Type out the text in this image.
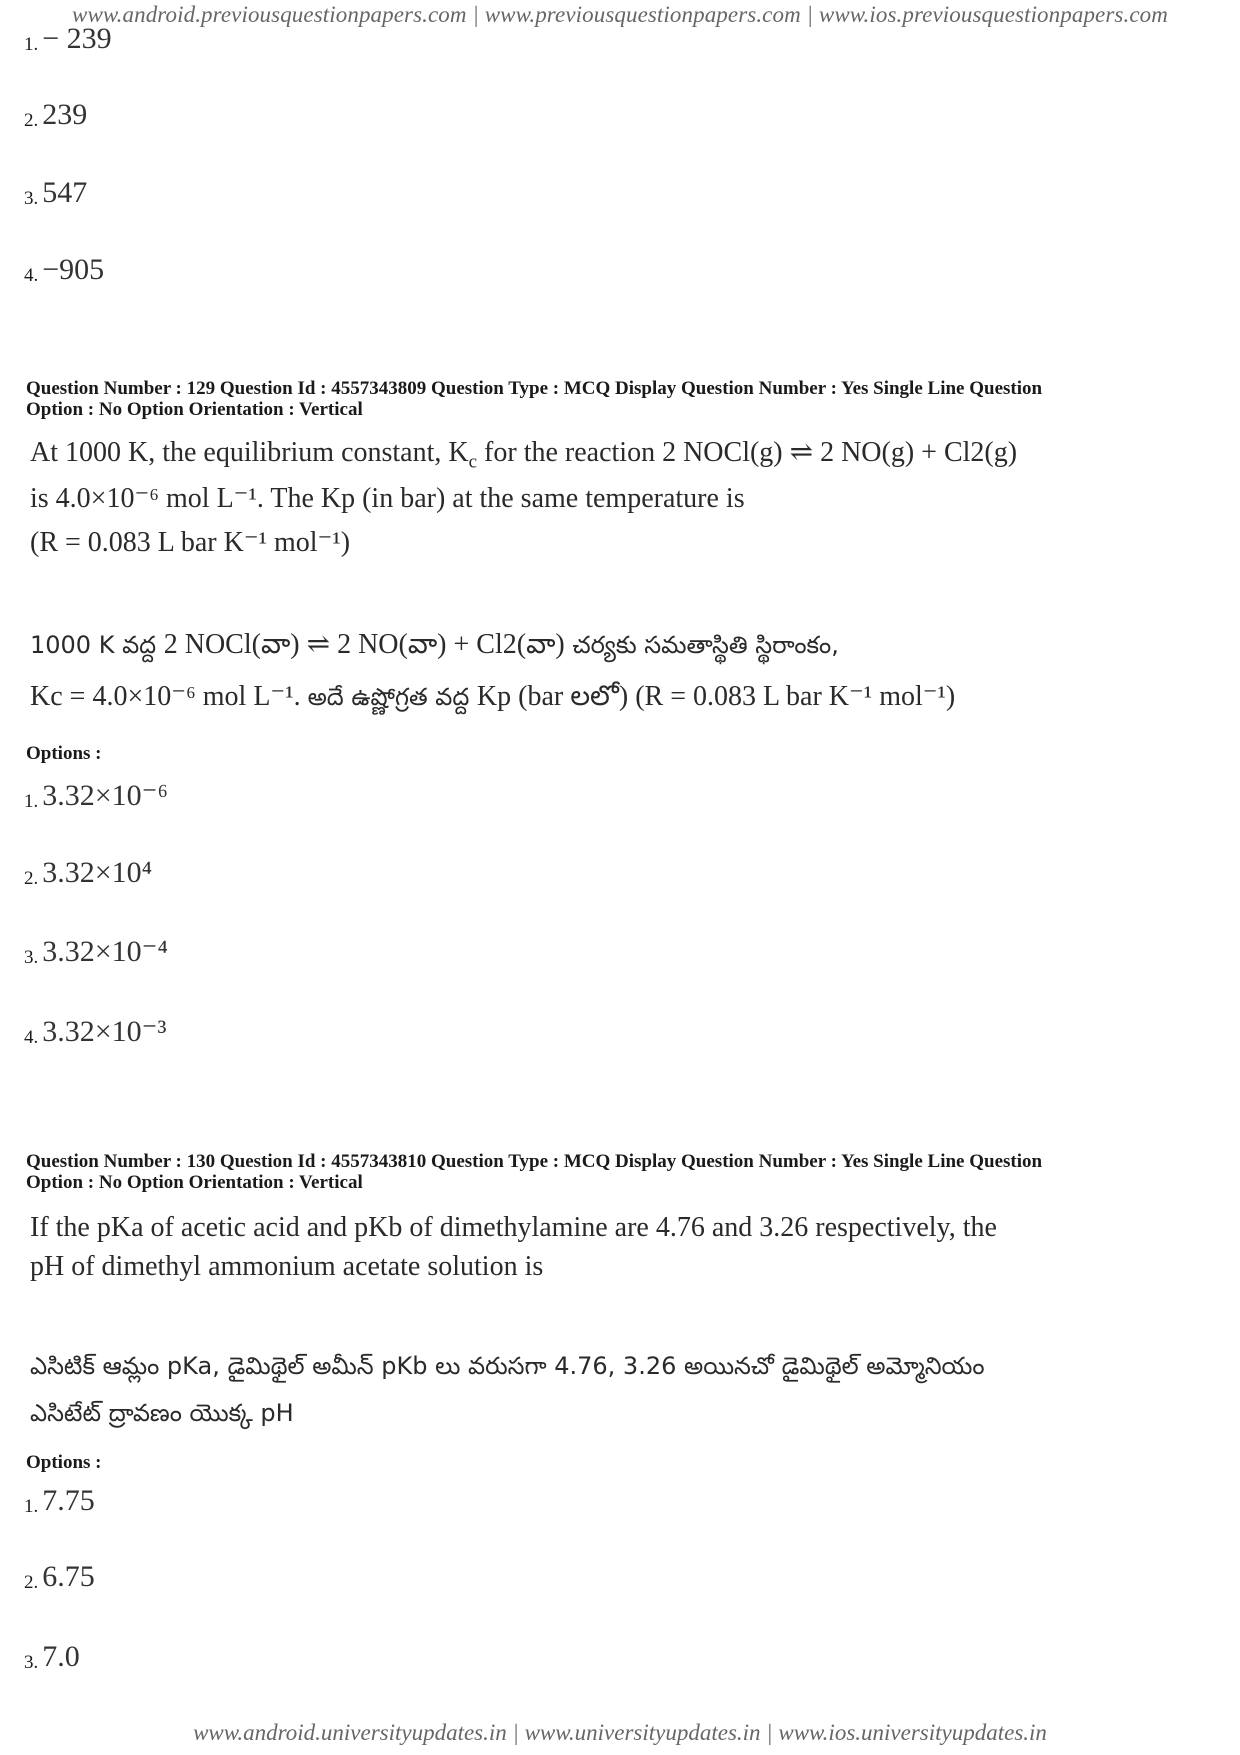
www.android.previousquestionpapers.com | www.previousquestionpapers.com | www.ios.previousquestionpapers.com
1. − 239
2. 239
3. 547
4. −905
Question Number : 129 Question Id : 4557343809 Question Type : MCQ Display Question Number : Yes Single Line Question
Option : No Option Orientation : Vertical
At 1000 K, the equilibrium constant, $K_c$ for the reaction 2 NOCl(g) ⇌ 2 NO(g) + Cl2(g)
is 4.0×10⁻⁶ mol L⁻¹. The Kp (in bar) at the same temperature is
(R = 0.083 L bar K⁻¹ mol⁻¹)
1000 K వద్ద 2 NOCl(వా) ⇌ 2 NO(వా) + Cl2(వా) చర్యకు సమతాస్థితి స్థిరాంకం,
Kc = 4.0×10⁻⁶ mol L⁻¹. అదే ఉష్ణోగ్రత వద్ద Kp (bar లలో) (R = 0.083 L bar K⁻¹ mol⁻¹)
Options :
1. 3.32×10⁻⁶
2. 3.32×10⁴
3. 3.32×10⁻⁴
4. 3.32×10⁻³
Question Number : 130 Question Id : 4557343810 Question Type : MCQ Display Question Number : Yes Single Line Question
Option : No Option Orientation : Vertical
If the pKa of acetic acid and pKb of dimethylamine are 4.76 and 3.26 respectively, the
pH of dimethyl ammonium acetate solution is
ఎసిటిక్ ఆమ్లం pKa, డైమిథైల్ అమీన్ pKb లు వరుసగా 4.76, 3.26 అయినచో డైమిథైల్ అమ్మోనియం
ఎసిటేట్ ద్రావణం యొక్క pH
Options :
1. 7.75
2. 6.75
3. 7.0
www.android.universityupdates.in | www.universityupdates.in | www.ios.universityupdates.in
